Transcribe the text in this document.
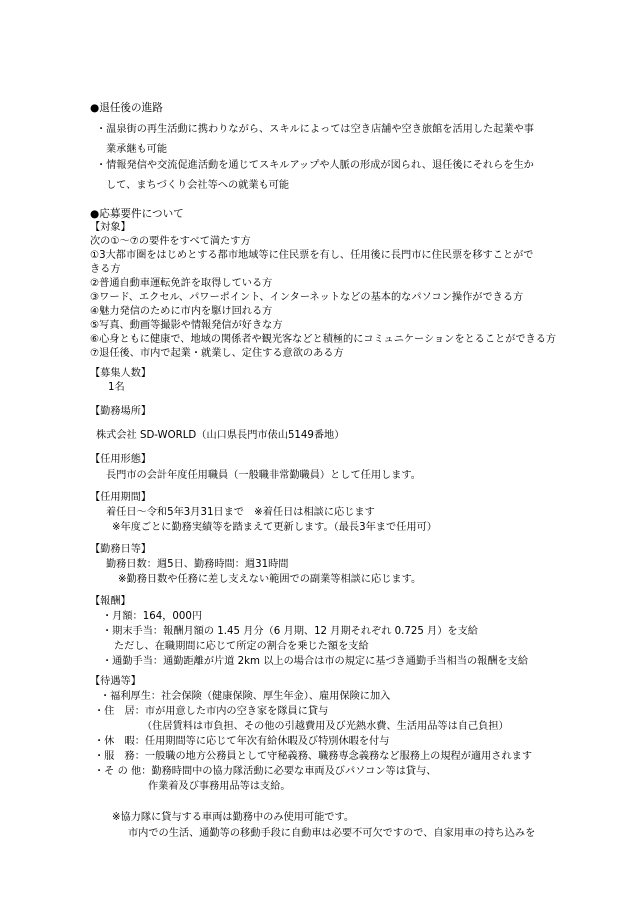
●退任後の進路
・温泉街の再生活動に携わりながら、スキルによっては空き店舗や空き旅館を活用した起業や事
業承継も可能
・情報発信や交流促進活動を通じてスキルアップや人脈の形成が図られ、退任後にそれらを生か
して、まちづくり会社等への就業も可能
●応募要件について
【対象】
次の①～⑦の要件をすべて満たす方
①3大都市圏をはじめとする都市地域等に住民票を有し、任用後に長門市に住民票を移すことがで
きる方
②普通自動車運転免許を取得している方
③ワード、エクセル、パワーポイント、インターネットなどの基本的なパソコン操作ができる方
④魅力発信のために市内を駆け回れる方
⑤写真、動画等撮影や情報発信が好きな方
⑥心身ともに健康で、地域の関係者や観光客などと積極的にコミュニケーションをとることができる方
⑦退任後、市内で起業・就業し、定住する意欲のある方
【募集人数】
1名
【勤務場所】
株式会社 SD-WORLD（山口県長門市俵山5149番地）
【任用形態】
長門市の会計年度任用職員（一般職非常勤職員）として任用します。
【任用期間】
着任日～令和5年3月31日まで　※着任日は相談に応じます
※年度ごとに勤務実績等を踏まえて更新します。（最長3年まで任用可）
【勤務日等】
勤務日数：週5日、勤務時間：週31時間
※勤務日数や任務に差し支えない範囲での副業等相談に応じます。
【報酬】
・月額：164，000円
・期末手当：報酬月額の 1.45 月分（6 月期、12 月期それぞれ 0.725 月）を支給
ただし、在職期間に応じて所定の割合を乗じた額を支給
・通勤手当：通勤距離が片道 2km 以上の場合は市の規定に基づき通勤手当相当の報酬を支給
【待遇等】
・福利厚生：社会保険（健康保険、厚生年金）、雇用保険に加入
・住　居：市が用意した市内の空き家を隊員に貸与
（住居賃料は市負担、その他の引越費用及び光熱水費、生活用品等は自己負担）
・休　暇：任用期間等に応じて年次有給休暇及び特別休暇を付与
・服　務：一般職の地方公務員として守秘義務、職務専念義務など服務上の規程が適用されます
・そ の 他：勤務時間中の協力隊活動に必要な車両及びパソコン等は貸与、
作業着及び事務用品等は支給。
※協力隊に貸与する車両は勤務中のみ使用可能です。
市内での生活、通勤等の移動手段に自動車は必要不可欠ですので、自家用車の持ち込みを
